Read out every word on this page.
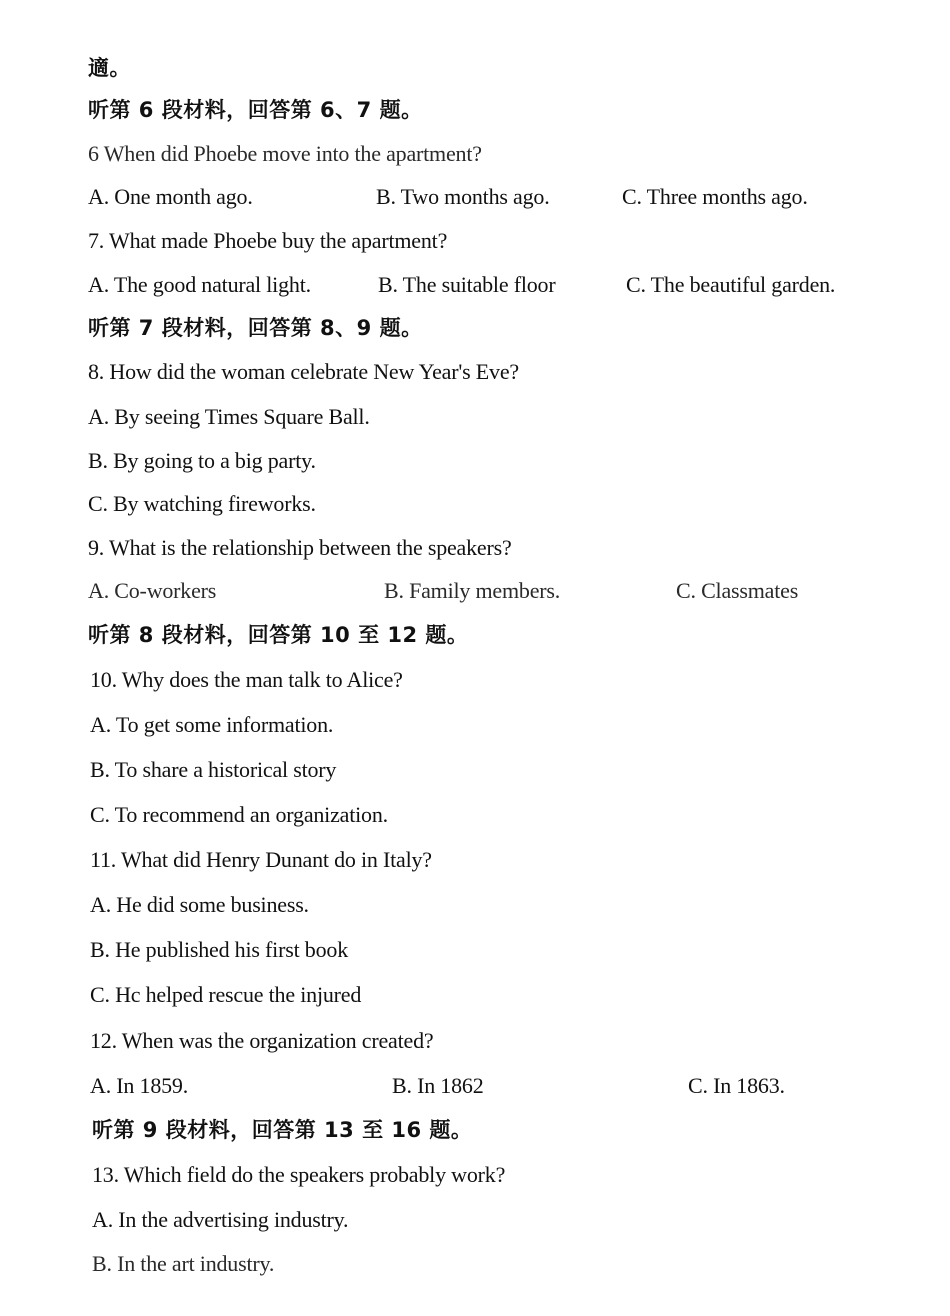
適。
听第 6 段材料，回答第 6、7 题。
6 When did Phoebe move into the apartment?
A. One month ago.	B. Two months ago.	C. Three months ago.
7. What made Phoebe buy the apartment?
A. The good natural light.	B. The suitable floor	C. The beautiful garden.
听第 7 段材料，回答第 8、9 题。
8. How did the woman celebrate New Year's Eve?
A. By seeing Times Square Ball.
B. By going to a big party.
C. By watching fireworks.
9. What is the relationship between the speakers?
A. Co-workers	B. Family members.	C. Classmates
听第 8 段材料，回答第 10 至 12 题。
10. Why does the man talk to Alice?
A. To get some information.
B. To share a historical story
C. To recommend an organization.
11. What did Henry Dunant do in Italy?
A. He did some business.
B. He published his first book
C. Hc helped rescue the injured
12. When was the organization created?
A. In 1859.	B. In 1862	C. In 1863.
听第 9 段材料，回答第 13 至 16 题。
13. Which field do the speakers probably work?
A. In the advertising industry.
B. In the art industry.
